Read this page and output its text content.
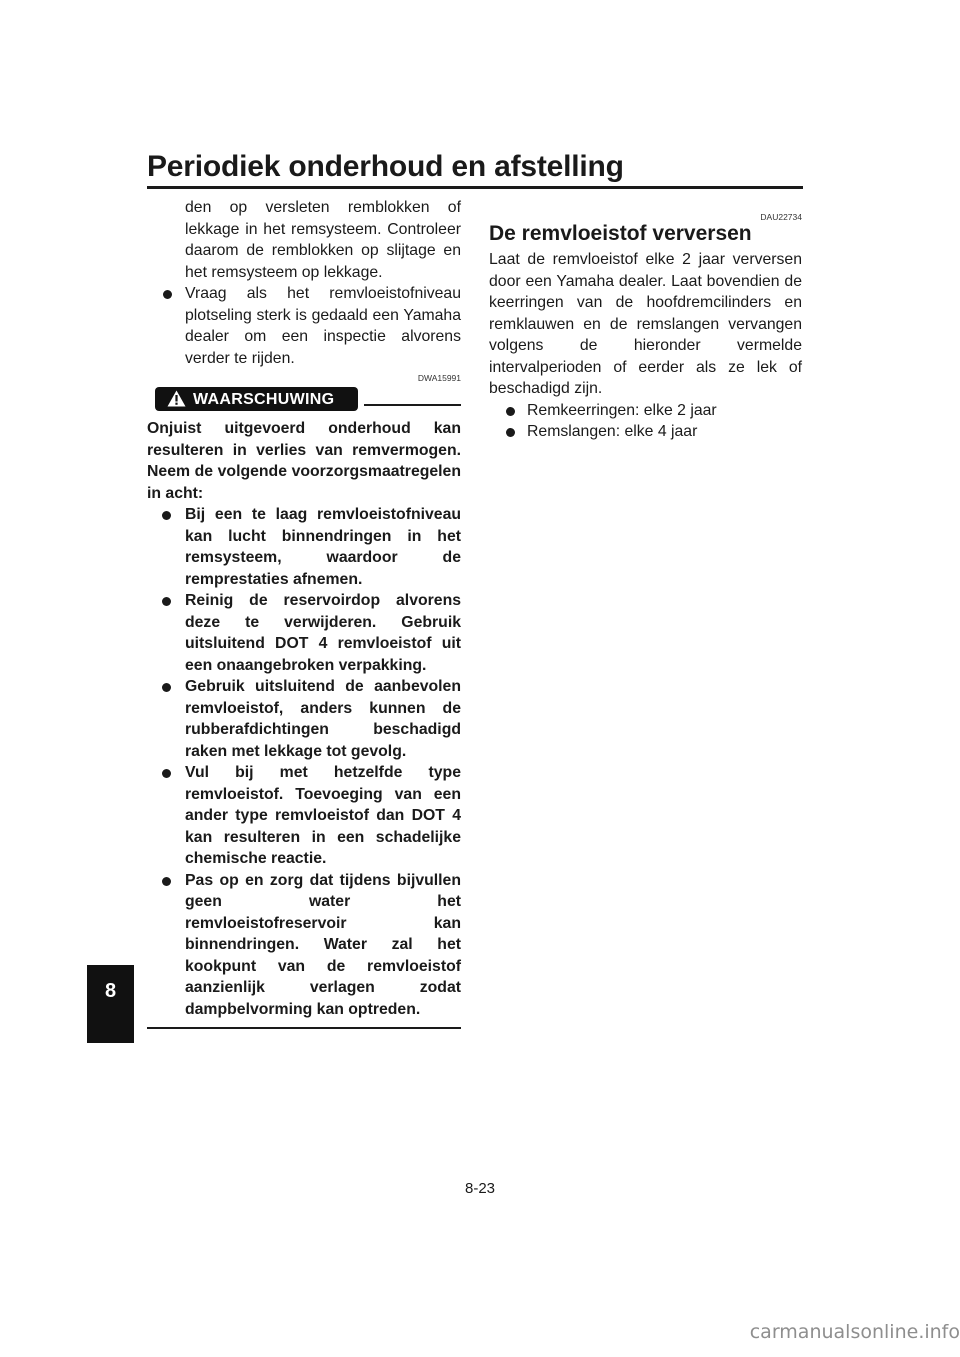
Periodiek onderhoud en afstelling
8

den op versleten remblokken of lekkage in het remsysteem. Controleer daarom de remblokken op slijtage en het remsysteem op lekkage.

Vraag als het remvloeistofniveau plotseling sterk is gedaald een Yamaha dealer om een inspectie alvorens verder te rijden.
DWA15991
WAARSCHUWING

Onjuist uitgevoerd onderhoud kan resulteren in verlies van remvermogen. Neem de volgende voorzorgsmaatregelen in acht:

Bij een te laag remvloeistofniveau kan lucht binnendringen in het remsysteem, waardoor de remprestaties afnemen.
Reinig de reservoirdop alvorens deze te verwijderen. Gebruik uitsluitend DOT 4 remvloeistof uit een onaangebroken verpakking.
Gebruik uitsluitend de aanbevolen remvloeistof, anders kunnen de rubberafdichtingen beschadigd raken met lekkage tot gevolg.
Vul bij met hetzelfde type remvloeistof. Toevoeging van een ander type remvloeistof dan DOT 4 kan resulteren in een schadelijke chemische reactie.
Pas op en zorg dat tijdens bijvullen geen water het remvloeistofreservoir kan binnendringen. Water zal het kookpunt van de remvloeistof aanzienlijk verlagen zodat dampbelvorming kan optreden.
DAU22734
De remvloeistof verversen

Laat de remvloeistof elke 2 jaar verversen door een Yamaha dealer. Laat bovendien de keerringen van de hoofdremcilinders en remklauwen en de remslangen vervangen volgens de hieronder vermelde intervalperioden of eerder als ze lek of beschadigd zijn.

Remkeerringen: elke 2 jaar
Remslangen: elke 4 jaar
8-23
carmanualsonline.info
